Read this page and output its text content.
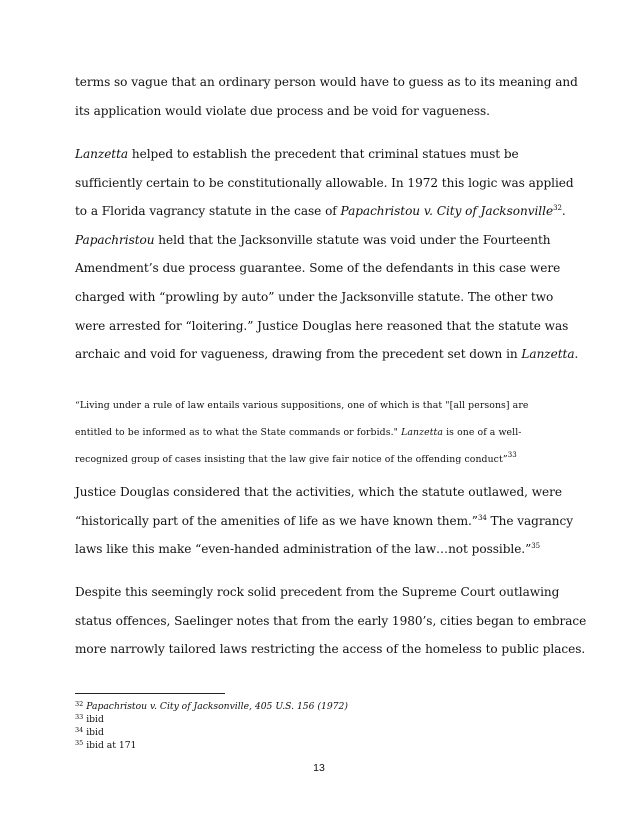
terms so vague that an ordinary person would have to guess as to its meaning and
its application would violate due process and be void for vagueness.
Lanzetta helped to establish the precedent that criminal statues must be
sufficiently certain to be constitutionally allowable. In 1972 this logic was applied
to a Florida vagrancy statute in the case of Papachristou v. City of Jacksonville$^{32}$.
Papachristou held that the Jacksonville statute was void under the Fourteenth
Amendment’s due process guarantee. Some of the defendants in this case were
charged with “prowling by auto” under the Jacksonville statute. The other two
were arrested for “loitering.” Justice Douglas here reasoned that the statute was
archaic and void for vagueness, drawing from the precedent set down in Lanzetta.
“Living under a rule of law entails various suppositions, one of which is that "[all persons] are
entitled to be informed as to what the State commands or forbids." Lanzetta is one of a well-
recognized group of cases insisting that the law give fair notice of the offending conduct”$^{33}$
Justice Douglas considered that the activities, which the statute outlawed, were
“historically part of the amenities of life as we have known them.”$^{34}$ The vagrancy
laws like this make “even-handed administration of the law…not possible.”$^{35}$
Despite this seemingly rock solid precedent from the Supreme Court outlawing
status offences, Saelinger notes that from the early 1980’s, cities began to embrace
more narrowly tailored laws restricting the access of the homeless to public places.
$^{32}$ Papachristou v. City of Jacksonville, 405 U.S. 156 (1972)
$^{33}$ ibid
$^{34}$ ibid
$^{35}$ ibid at 171
13
